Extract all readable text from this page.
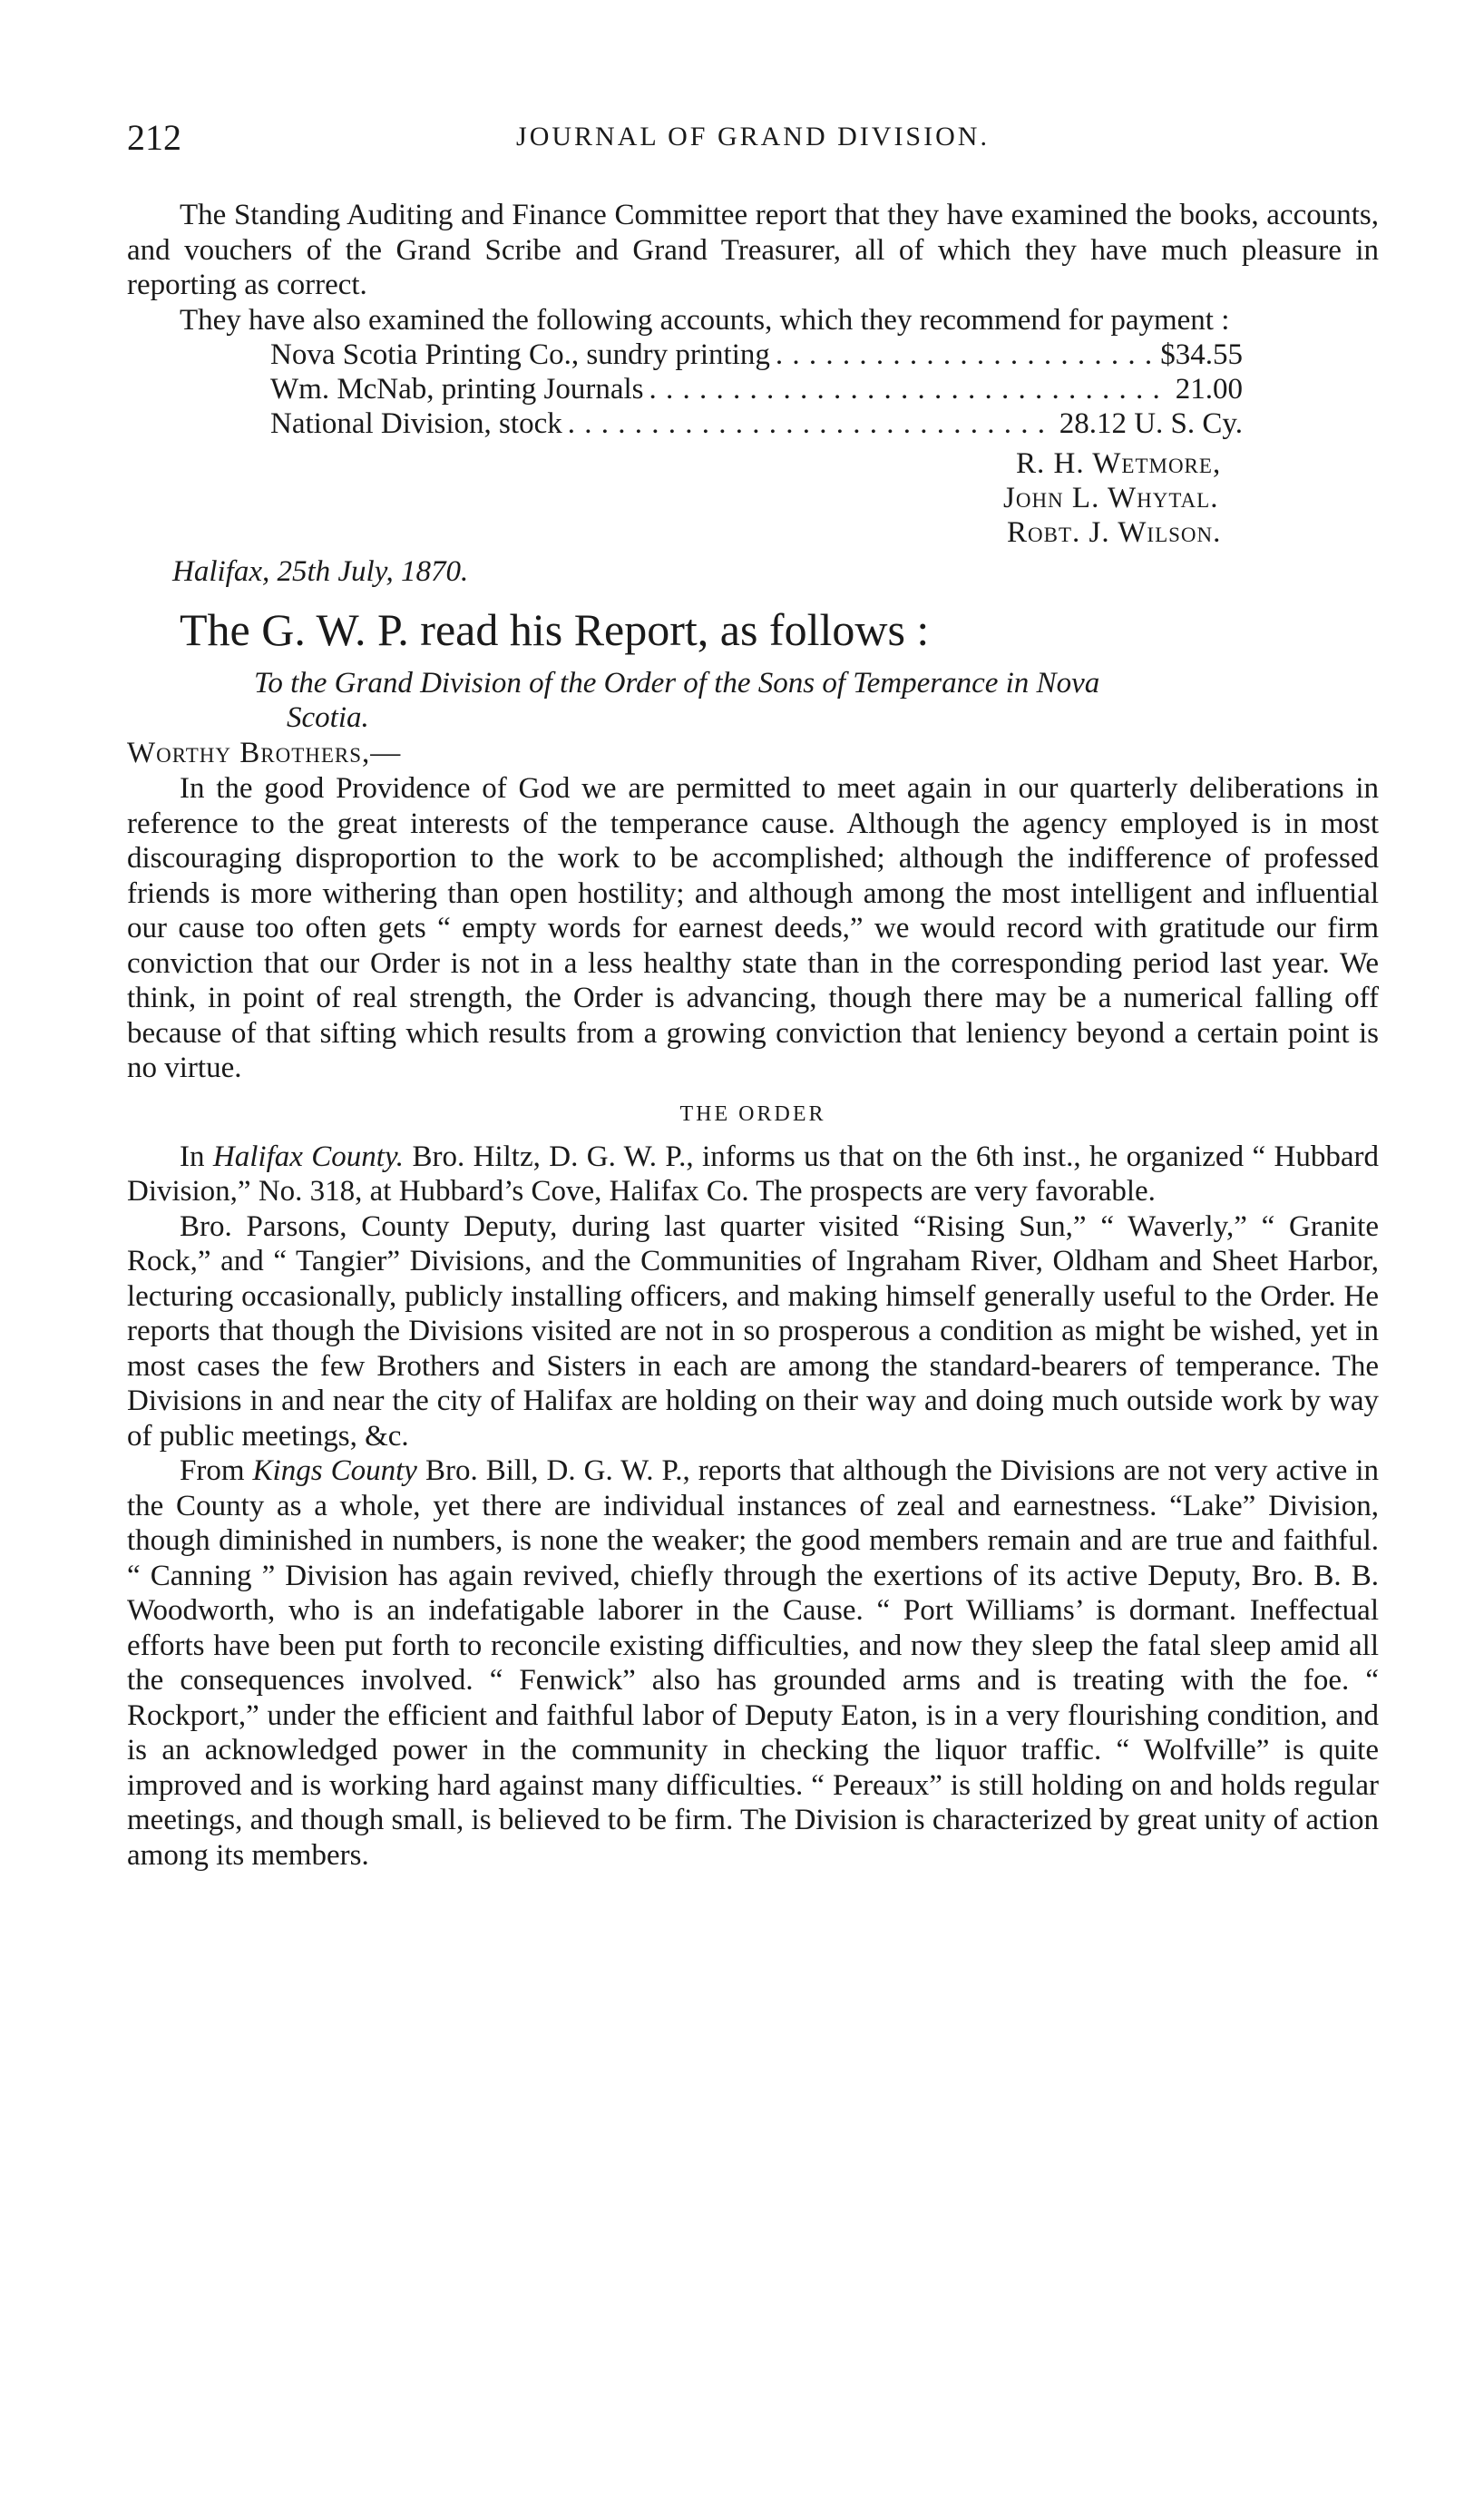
212	JOURNAL OF GRAND DIVISION.

The Standing Auditing and Finance Committee report that they have examined the books, accounts, and vouchers of the Grand Scribe and Grand Treasurer, all of which they have much pleasure in reporting as correct.

They have also examined the following accounts, which they recommend for payment :

Nova Scotia Printing Co., sundry printing . . .	$34.55
Wm. McNab, printing Journals . . .	21.00
National Division, stock . . .	28.12 U. S. Cy.
R. H. Wetmore,
John L. Whytal.
Robt. J. Wilson.
Halifax, 25th July, 1870.
The G. W. P. read his Report, as follows :
To the Grand Division of the Order of the Sons of Temperance in Nova
Scotia.
Worthy Brothers,—

In the good Providence of God we are permitted to meet again in our quarterly deliberations in reference to the great interests of the temperance cause. Although the agency employed is in most discouraging disproportion to the work to be accomplished; although the indifference of professed friends is more withering than open hostility; and although among the most intelligent and influential our cause too often gets “ empty words for earnest deeds,” we would record with gratitude our firm conviction that our Order is not in a less healthy state than in the corresponding period last year. We think, in point of real strength, the Order is advancing, though there may be a numerical falling off because of that sifting which results from a growing conviction that leniency beyond a certain point is no virtue.

THE ORDER

In Halifax County. Bro. Hiltz, D. G. W. P., informs us that on the 6th inst., he organized “ Hubbard Division,” No. 318, at Hubbard’s Cove, Halifax Co. The prospects are very favorable.

Bro. Parsons, County Deputy, during last quarter visited “Rising Sun,” “ Waverly,” “ Granite Rock,” and “ Tangier” Divisions, and the Communities of Ingraham River, Oldham and Sheet Harbor, lecturing occasionally, publicly installing officers, and making himself generally useful to the Order. He reports that though the Divisions visited are not in so prosperous a condition as might be wished, yet in most cases the few Brothers and Sisters in each are among the standard-bearers of temperance. The Divisions in and near the city of Halifax are holding on their way and doing much outside work by way of public meetings, &c.

From Kings County Bro. Bill, D. G. W. P., reports that although the Divisions are not very active in the County as a whole, yet there are individual instances of zeal and earnestness. “Lake” Division, though diminished in numbers, is none the weaker; the good members remain and are true and faithful. “ Canning ” Division has again revived, chiefly through the exertions of its active Deputy, Bro. B. B. Woodworth, who is an indefatigable laborer in the Cause. “ Port Williams’ is dormant. Ineffectual efforts have been put forth to reconcile existing difficulties, and now they sleep the fatal sleep amid all the consequences involved. “ Fenwick” also has grounded arms and is treating with the foe. “ Rockport,” under the efficient and faithful labor of Deputy Eaton, is in a very flourishing condition, and is an acknowledged power in the community in checking the liquor traffic. “ Wolfville” is quite improved and is working hard against many difficulties. “ Pereaux” is still holding on and holds regular meetings, and though small, is believed to be firm. The Division is characterized by great unity of action among its members.
